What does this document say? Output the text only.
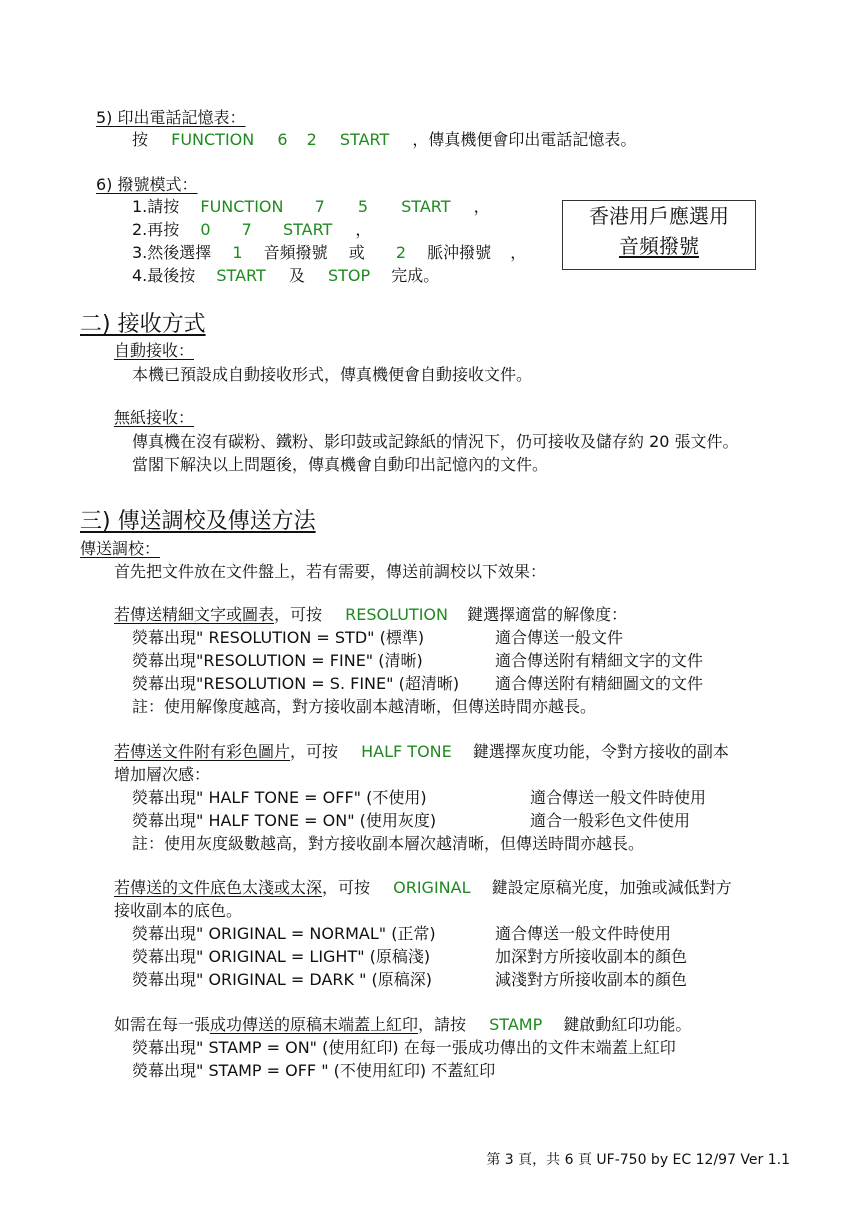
5) 印出電話記憶表：
按 FUNCTION 6 2 START ，傳真機便會印出電話記憶表。
6) 撥號模式：
1.請按 FUNCTION 7 5 START ，
2.再按 0 7 START ，
3.然後選擇 1 音頻撥號 或 2 脈沖撥號 ，
4.最後按 START 及 STOP 完成。
香港用戶應選用
音頻撥號
二) 接收方式
自動接收：
本機已預設成自動接收形式，傳真機便會自動接收文件。
無紙接收：
傳真機在沒有碳粉、鐵粉、影印鼓或記錄紙的情況下，仍可接收及儲存約 20 張文件。
當閣下解決以上問題後，傳真機會自動印出記憶內的文件。
三) 傳送調校及傳送方法
傳送調校：
首先把文件放在文件盤上，若有需要，傳送前調校以下效果：
若傳送精細文字或圖表，可按 RESOLUTION 鍵選擇適當的解像度：
熒幕出現" RESOLUTION = STD" (標準)	適合傳送一般文件
熒幕出現"RESOLUTION = FINE" (清晰)	適合傳送附有精細文字的文件
熒幕出現"RESOLUTION = S. FINE" (超清晰) 適合傳送附有精細圖文的文件
註：使用解像度越高，對方接收副本越清晰，但傳送時間亦越長。
若傳送文件附有彩色圖片，可按 HALF TONE 鍵選擇灰度功能，令對方接收的副本
增加層次感：
熒幕出現" HALF TONE = OFF" (不使用)	適合傳送一般文件時使用
熒幕出現" HALF TONE = ON" (使用灰度)	適合一般彩色文件使用
註：使用灰度級數越高，對方接收副本層次越清晰，但傳送時間亦越長。
若傳送的文件底色太淺或太深，可按 ORIGINAL 鍵設定原稿光度，加強或減低對方
接收副本的底色。
熒幕出現" ORIGINAL = NORMAL" (正常)	適合傳送一般文件時使用
熒幕出現" ORIGINAL = LIGHT" (原稿淺)	加深對方所接收副本的顏色
熒幕出現" ORIGINAL = DARK " (原稿深)	減淺對方所接收副本的顏色
如需在每一張成功傳送的原稿末端蓋上紅印，請按 STAMP 鍵啟動紅印功能。
熒幕出現" STAMP = ON" (使用紅印) 在每一張成功傳出的文件末端蓋上紅印
熒幕出現" STAMP = OFF " (不使用紅印) 不蓋紅印
第 3 頁，共 6 頁 UF-750 by EC 12/97 Ver 1.1
